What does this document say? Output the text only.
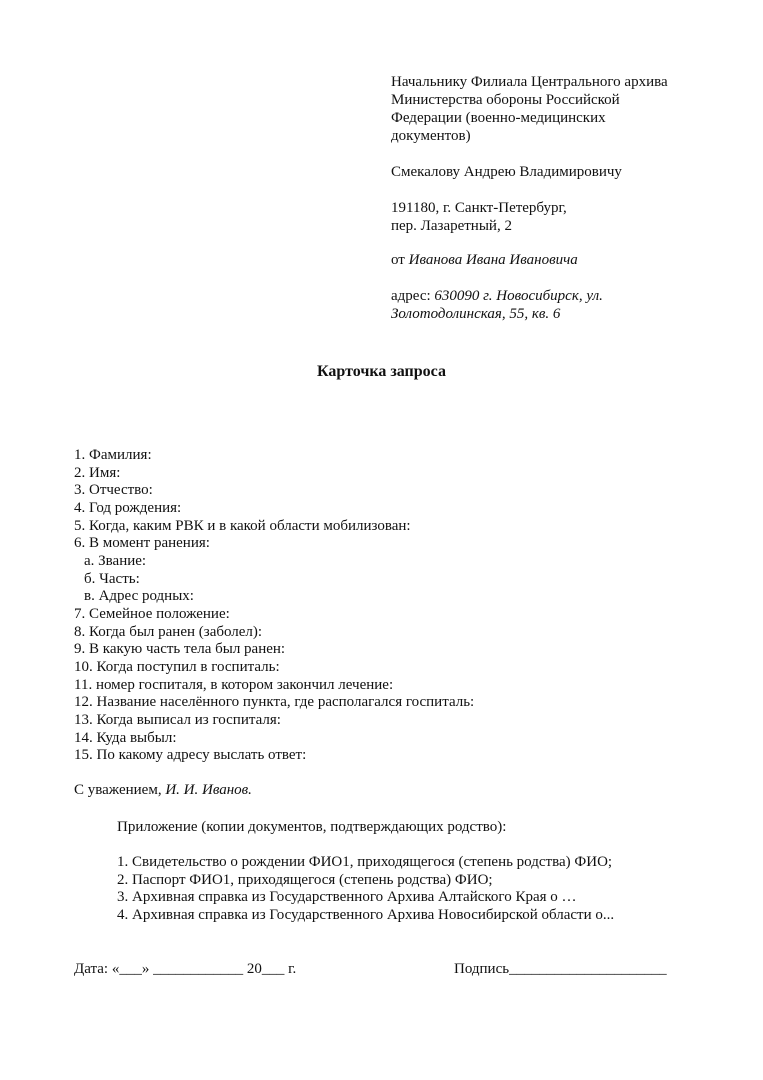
Начальнику Филиала Центрального архива
Министерства обороны Российской
Федерации (военно-медицинских
документов)
Смекалову Андрею Владимировичу
191180, г. Санкт-Петербург,
пер. Лазаретный, 2
от Иванова Ивана Ивановича
адрес: 630090 г. Новосибирск, ул.
Золотодолинская, 55, кв. 6
Карточка запроса
1. Фамилия:
2. Имя:
3. Отчество:
4. Год рождения:
5. Когда, каким РВК и в какой области мобилизован:
6. В момент ранения:
а. Звание:
б. Часть:
в. Адрес родных:
7. Семейное положение:
8. Когда был ранен (заболел):
9. В какую часть тела был ранен:
10. Когда поступил в госпиталь:
11. номер госпиталя, в котором закончил лечение:
12. Название населённого пункта, где располагался госпиталь:
13. Когда выписал из госпиталя:
14. Куда выбыл:
15. По какому адресу выслать ответ:
С уважением, И. И. Иванов.
Приложение (копии документов, подтверждающих родство):
1. Свидетельство о рождении ФИО1, приходящегося (степень родства) ФИО;
2. Паспорт ФИО1, приходящегося (степень родства) ФИО;
3. Архивная справка из Государственного Архива Алтайского Края о …
4. Архивная справка из Государственного Архива Новосибирской области о...
Дата: «___» ____________ 20___ г.	Подпись_____________________
